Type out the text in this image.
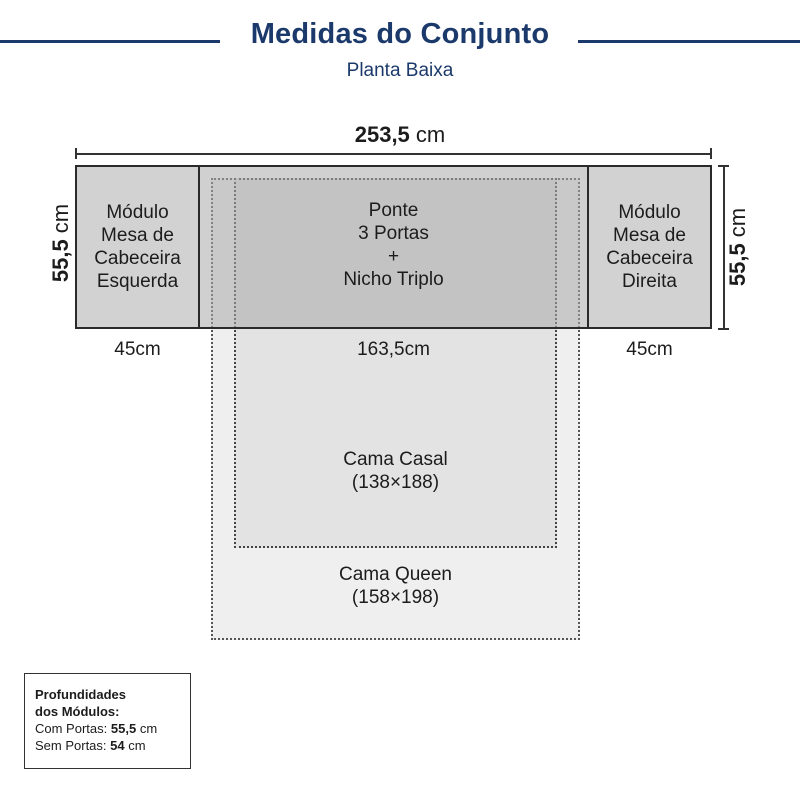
Medidas do Conjunto
Planta Baixa
253,5 cm
Módulo
Mesa de
Cabeceira
Esquerda
Ponte
3 Portas
+
Nicho Triplo
Módulo
Mesa de
Cabeceira
Direita
45cm	163,5cm	45cm
55,5 cm
55,5 cm
Cama Casal
(138×188)
Cama Queen
(158×198)
Profundidades
dos Módulos:
Com Portas: 55,5 cm
Sem Portas: 54 cm
